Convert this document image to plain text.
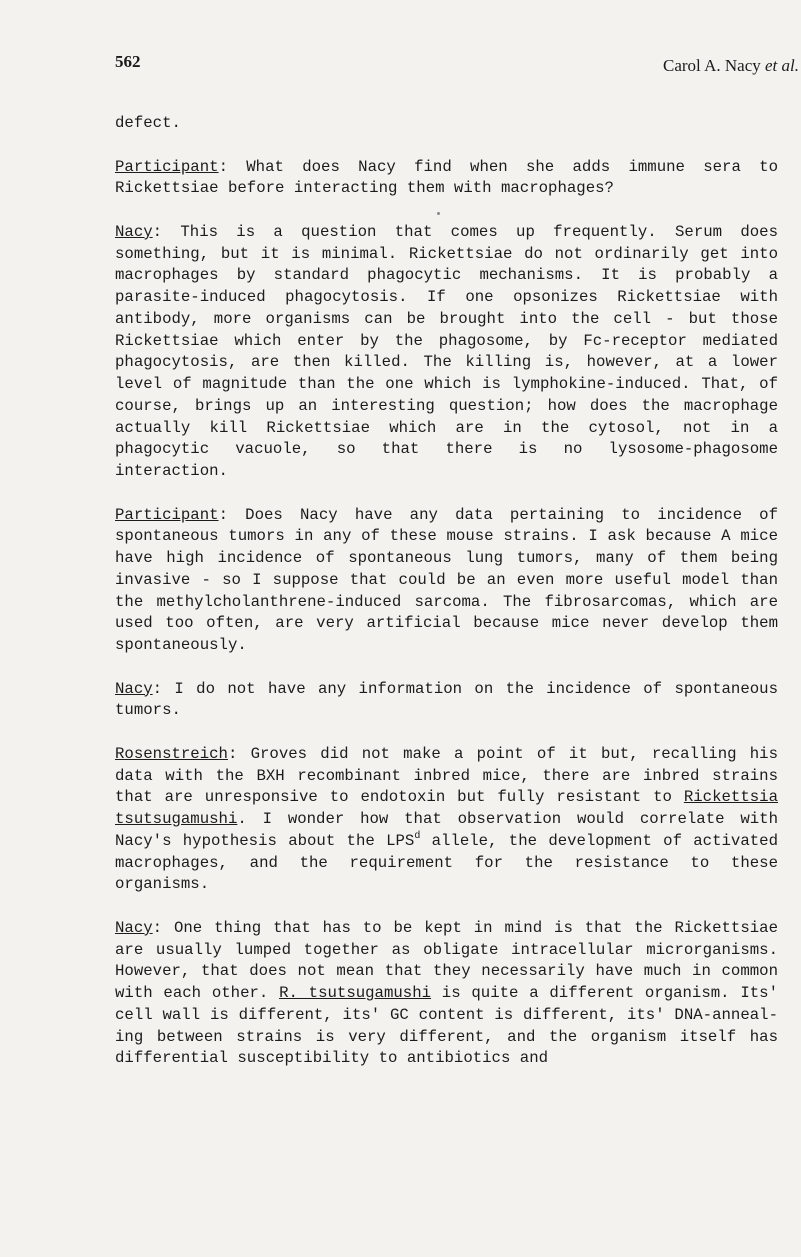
562	Carol A. Nacy et al.

defect.

Participant: What does Nacy find when she adds immune sera to Rickettsiae before interacting them with macrophages?

Nacy: This is a question that comes up frequently. Serum does something, but it is minimal. Rickettsiae do not ordinarily get into macrophages by standard phagocytic mechanisms. It is probably a parasite-induced phagocytosis. If one opsonizes Rickettsiae with antibody, more organisms can be brought into the cell - but those Rickettsiae which enter by the phagosome, by Fc-receptor mediated phagocytosis, are then killed. The killing is, however, at a lower level of magnitude than the one which is lymphokine-induced. That, of course, brings up an interesting question; how does the macrophage actually kill Rickettsiae which are in the cytosol, not in a phagocytic vacuole, so that there is no lysosome-phagosome interaction.

Participant: Does Nacy have any data pertaining to incidence of spontaneous tumors in any of these mouse strains. I ask because A mice have high incidence of spontaneous lung tumors, many of them being invasive - so I suppose that could be an even more useful model than the methylcholanthrene-induced sarcoma. The fibrosarcomas, which are used too often, are very artificial because mice never develop them spontaneously.

Nacy: I do not have any information on the incidence of spontaneous tumors.

Rosenstreich: Groves did not make a point of it but, recalling his data with the BXH recombinant inbred mice, there are inbred strains that are unresponsive to endotoxin but fully resistant to Rickettsia tsutsugamushi. I wonder how that observation would correlate with Nacy's hypothesis about the LPS$^d$ allele, the development of activated macrophages, and the requirement for the resistance to these organisms.

Nacy: One thing that has to be kept in mind is that the Rickettsiae are usually lumped together as obligate intracellular microrganisms. However, that does not mean that they necessarily have much in common with each other. R. tsutsugamushi is quite a different organism. Its' cell wall is different, its' GC content is different, its' DNA-annealing between strains is very different, and the organism itself has differential susceptibility to antibiotics and
